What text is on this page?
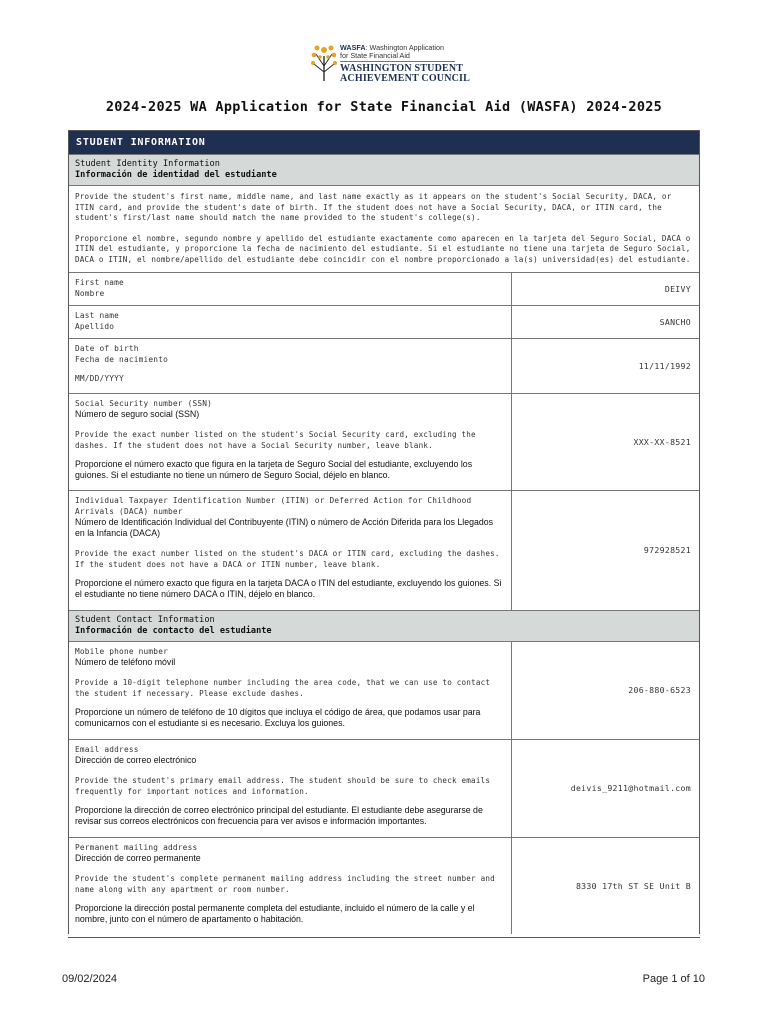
WASFA: Washington Application
for State Financial Aid
WASHINGTON STUDENT
ACHIEVEMENT COUNCIL
2024-2025 WA Application for State Financial Aid (WASFA) 2024-2025
STUDENT INFORMATION
Student Identity Information
Información de identidad del estudiante

Provide the student's first name, middle name, and last name exactly as it appears on the student's Social Security, DACA, or ITIN card, and provide the student's date of birth. If the student does not have a Social Security, DACA, or ITIN card, the student's first/last name should match the name provided to the student's college(s).

Proporcione el nombre, segundo nombre y apellido del estudiante exactamente como aparecen en la tarjeta del Seguro Social, DACA o ITIN del estudiante, y proporcione la fecha de nacimiento del estudiante. Si el estudiante no tiene una tarjeta de Seguro Social, DACA o ITIN, el nombre/apellido del estudiante debe coincidir con el nombre proporcionado a la(s) universidad(es) del estudiante.

First name
Nombre	DEIVY
Last name
Apellido	SANCHO
Date of birth
Fecha de nacimiento
MM/DD/YYYY
11/11/1992
Social Security number (SSN)
Número de seguro social (SSN)
Provide the exact number listed on the student's Social Security card, excluding the dashes. If the student does not have a Social Security number, leave blank.
Proporcione el número exacto que figura en la tarjeta de Seguro Social del estudiante, excluyendo los guiones. Si el estudiante no tiene un número de Seguro Social, déjelo en blanco.
XXX-XX-8521
Individual Taxpayer Identification Number (ITIN) or Deferred Action for Childhood Arrivals (DACA) number
Número de Identificación Individual del Contribuyente (ITIN) o número de Acción Diferida para los Llegados en la Infancia (DACA)
Provide the exact number listed on the student's DACA or ITIN card, excluding the dashes. If the student does not have a DACA or ITIN number, leave blank.
Proporcione el número exacto que figura en la tarjeta DACA o ITIN del estudiante, excluyendo los guiones. Si el estudiante no tiene número DACA o ITIN, déjelo en blanco.
972928521
Student Contact Information
Información de contacto del estudiante
Mobile phone number
Número de teléfono móvil
Provide a 10-digit telephone number including the area code, that we can use to contact the student if necessary. Please exclude dashes.
Proporcione un número de teléfono de 10 dígitos que incluya el código de área, que podamos usar para comunicarnos con el estudiante si es necesario. Excluya los guiones.
206-880-6523
Email address
Dirección de correo electrónico
Provide the student's primary email address. The student should be sure to check emails frequently for important notices and information.
Proporcione la dirección de correo electrónico principal del estudiante. El estudiante debe asegurarse de revisar sus correos electrónicos con frecuencia para ver avisos e información importantes.
deivis_9211@hotmail.com
Permanent mailing address
Dirección de correo permanente
Provide the student's complete permanent mailing address including the street number and name along with any apartment or room number.
Proporcione la dirección postal permanente completa del estudiante, incluido el número de la calle y el nombre, junto con el número de apartamento o habitación.
8330 17th ST SE Unit B
09/02/2024	Page 1 of 10
